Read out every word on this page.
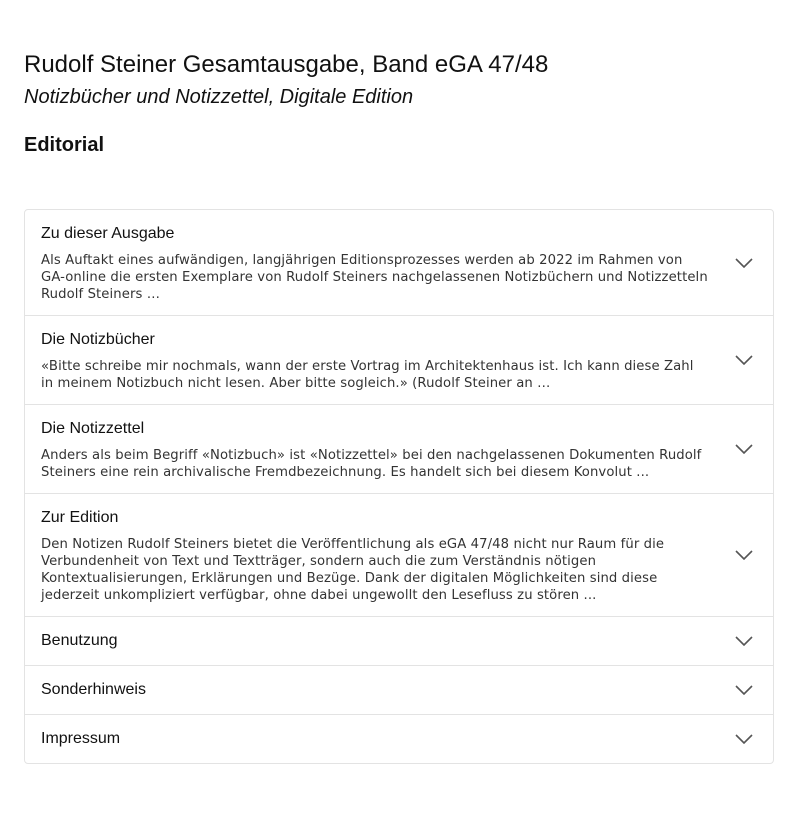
Rudolf Steiner Gesamtausgabe, Band eGA 47/48
Notizbücher und Notizzettel, Digitale Edition
Editorial
Zu dieser Ausgabe
Als Auftakt eines aufwändigen, langjährigen Editionsprozesses werden ab 2022 im Rahmen von GA-online die ersten Exemplare von Rudolf Steiners nachgelassenen Notizbüchern und Notizzetteln Rudolf Steiners …
Die Notizbücher
«Bitte schreibe mir nochmals, wann der erste Vortrag im Architektenhaus ist. Ich kann diese Zahl in meinem Notizbuch nicht lesen. Aber bitte sogleich.» (Rudolf Steiner an …
Die Notizzettel
Anders als beim Begriff «Notizbuch» ist «Notizzettel» bei den nachgelassenen Dokumenten Rudolf Steiners eine rein archivalische Fremdbezeichnung. Es handelt sich bei diesem Konvolut ...
Zur Edition
Den Notizen Rudolf Steiners bietet die Veröffentlichung als eGA 47/48 nicht nur Raum für die Verbundenheit von Text und Textträger, sondern auch die zum Verständnis nötigen Kontextualisierungen, Erklärungen und Bezüge. Dank der digitalen Möglichkeiten sind diese jederzeit unkompliziert verfügbar, ohne dabei ungewollt den Lesefluss zu stören ...
Benutzung
Sonderhinweis
Impressum
